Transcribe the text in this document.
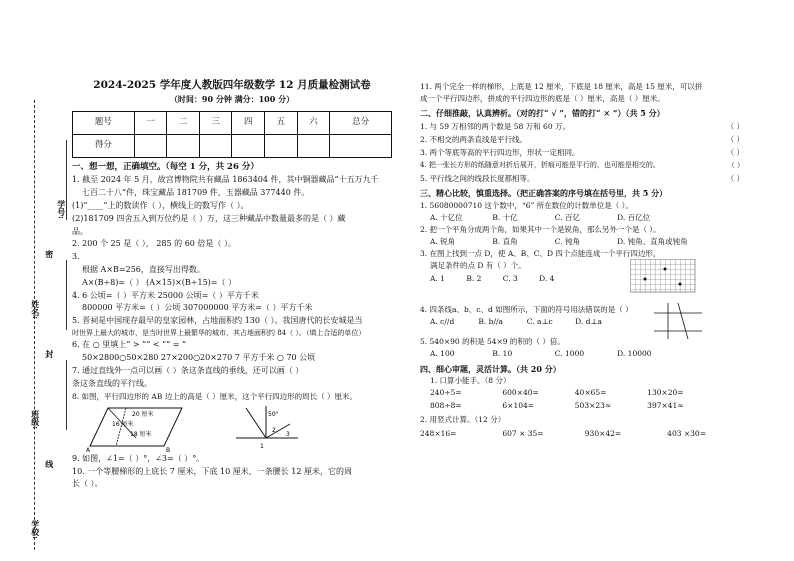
学号:
姓名:
班级:
学校:
密
封
线
2024-2025 学年度人教版四年级数学 12 月质量检测试卷
（时间：90 分钟 满分：100 分）
题号	一	二	三	四	五	六	总分
得分							
一、想一想，正确填空。（每空 1 分，共 26 分）
1. 截至 2024 年 5 月，故宫博物院共有藏品 1863404 件，其中铜器藏品“十五万九千
七百二十八”件，珠宝藏品 181709 件，玉器藏品 377440 件。
(1)“____”上的数读作（ ），横线上的数写作（ ）。
(2)181709 四舍五入到万位约是（ ）万，这三种藏品中数量最多的是（ ）藏
品。
2. 200 个 25 是（ ）， 285 的 60 倍是（ ）。
3.
根据 A×B=256，直接写出得数。
A×(B÷8)=（ ） (A×15)×(B÷15)=（ ）
4. 6 公顷=（ ）平方米 25000 公顷=（ ）平方千米
800000 平方米=（ ）公顷 307000000 平方米=（ ）平方千米
5. 晋祠是中国现存最早的皇家园林，占地面积约 130（ ）。我国唐代的长安城是当
时世界上最大的城市，是当时世界上最繁华的城市，其占地面积约 84（ ）。（填上合适的单位）
6. 在 ○ 里填上“ > ”“ < ”“ = ”
50×2800○50×280 27×200○20×270 7 平方千米 ○ 70 公顷
7. 通过直线外一点可以画（ ）条这条直线的垂线，还可以画（ ）
条这条直线的平行线。
8. 如图，平行四边形的 AB 边上的高是（ ）厘米，这个平行四边形的周长（ ）厘米。
20 厘米
16 厘米
18 厘米
A	B
50°
1
2
3
9. 如图，∠1=（ ）°，∠3=（ ）°。
10. 一个等腰梯形的上底长 7 厘米，下底 10 厘米，一条腰长 12 厘米，它的周
长（ ）。
11. 两个完全一样的梯形，上底是 12 厘米，下底是 18 厘米，高是 15 厘米，可以拼
成一个平行四边形，拼成的平行四边形的底是（ ）厘米，高是（ ）厘米。
二、仔细推敲，认真辨析。（对的打“ √ ”，错的打“ × ”）（共 5 分）
1. 与 59 万相邻的两个数是 58 万和 60 万。	（ ）
2. 不相交的两条直线是平行线。	（ ）
3. 两个等底等高的平行四边形，形状一定相同。	（ ）
4. 把一张长方形的纸随意对折后展开，折痕可能是平行的，也可能是相交的。	（ ）
5. 平行线之间的线段长度都相等。	（ ）
三、精心比较，慎重选择。（把正确答案的序号填在括号里，共 5 分）
1. 56080000710 这个数中，“6” 所在数位的计数单位是（ ）。
A. 十亿位	B. 十亿	C. 百亿	D. 百亿位
2. 把一个平角分成两个角，如果其中一个是锐角，那么另外一个是（ ）。
A. 锐角	B. 直角	C. 钝角	D. 钝角、直角或钝角
3. 在图上找到一点 D，使 A、B、C、D 四个点能连成一个平行四边形，
满足条件的点 D 有（ ）个。
A. 1	B. 2	C. 3	D. 4
4. 四条线a、b、c、d 如图所示，下面的符号用法错误的是（ ）
A. c//d	B. b//a	C. a⊥c	D. d⊥a
5. 540×90 的积是 54×9 的积的（ ）倍。
A. 100	B. 10	C. 1000	D. 10000
四、细心审题，灵活计算。（共 20 分）
1. 口算小能手。（8 分）
240÷5=	600×40=	40×65=	130×20=
808÷8=	6×104=	503×23≈	397×41≈
2. 用竖式计算。（12 分）
248×16=	607 × 35=	930×42=	403 ×30=
